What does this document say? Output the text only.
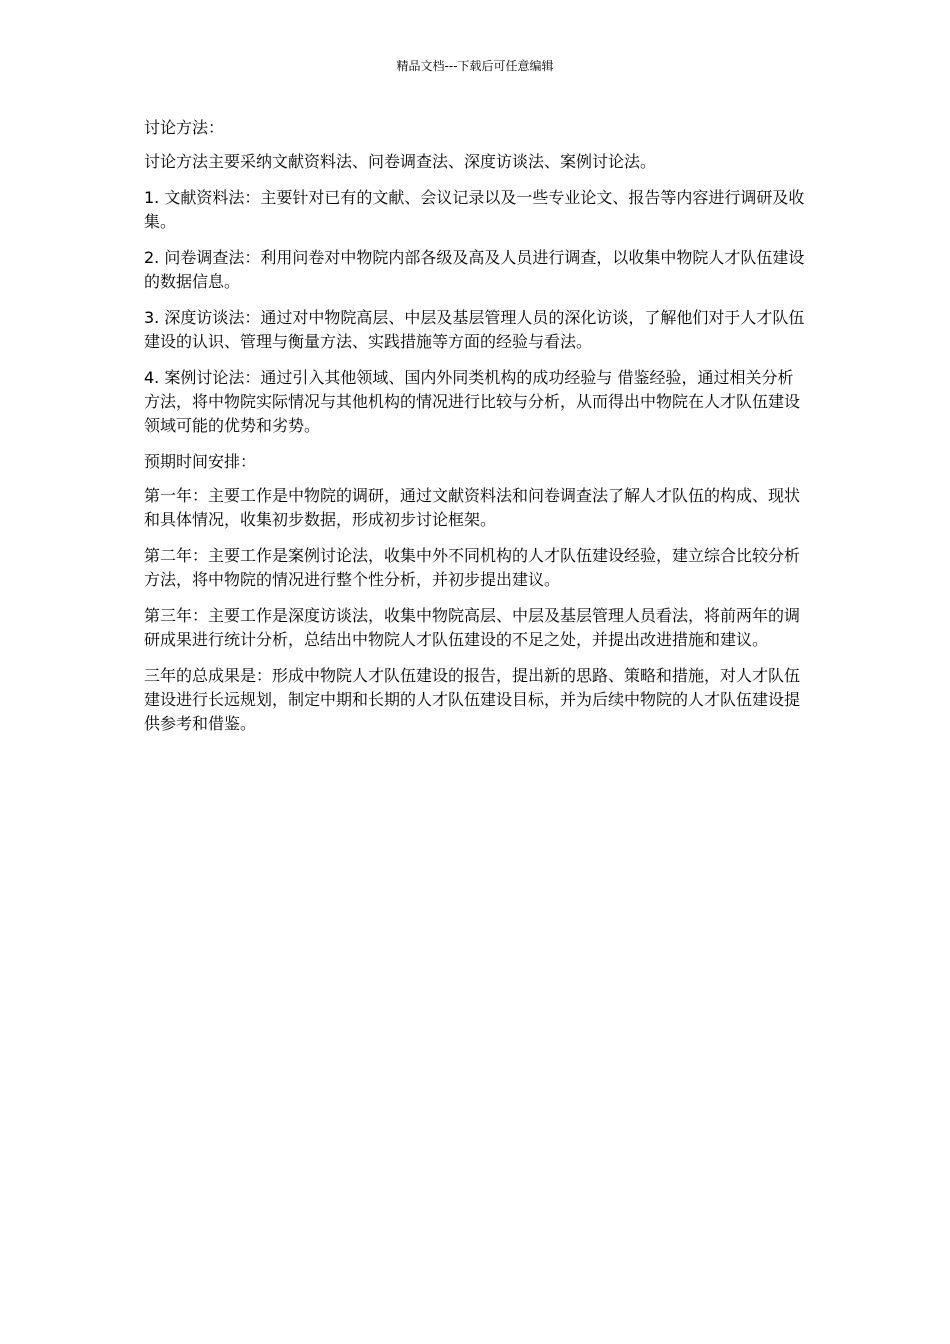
精品文档---下载后可任意编辑

讨论方法：

讨论方法主要采纳文献资料法、问卷调查法、深度访谈法、案例讨论法。

1. 文献资料法：主要针对已有的文献、会议记录以及一些专业论文、报告等内容进行调研及收集。

2. 问卷调查法：利用问卷对中物院内部各级及高及人员进行调查，以收集中物院人才队伍建设的数据信息。

3. 深度访谈法：通过对中物院高层、中层及基层管理人员的深化访谈，了解他们对于人才队伍建设的认识、管理与衡量方法、实践措施等方面的经验与看法。

4. 案例讨论法：通过引入其他领域、国内外同类机构的成功经验与 借鉴经验，通过相关分析方法，将中物院实际情况与其他机构的情况进行比较与分析，从而得出中物院在人才队伍建设领域可能的优势和劣势。

预期时间安排：

第一年：主要工作是中物院的调研，通过文献资料法和问卷调查法了解人才队伍的构成、现状和具体情况，收集初步数据，形成初步讨论框架。

第二年：主要工作是案例讨论法，收集中外不同机构的人才队伍建设经验，建立综合比较分析方法，将中物院的情况进行整个性分析，并初步提出建议。

第三年：主要工作是深度访谈法，收集中物院高层、中层及基层管理人员看法，将前两年的调研成果进行统计分析，总结出中物院人才队伍建设的不足之处，并提出改进措施和建议。

三年的总成果是：形成中物院人才队伍建设的报告，提出新的思路、策略和措施，对人才队伍建设进行长远规划，制定中期和长期的人才队伍建设目标，并为后续中物院的人才队伍建设提供参考和借鉴。
